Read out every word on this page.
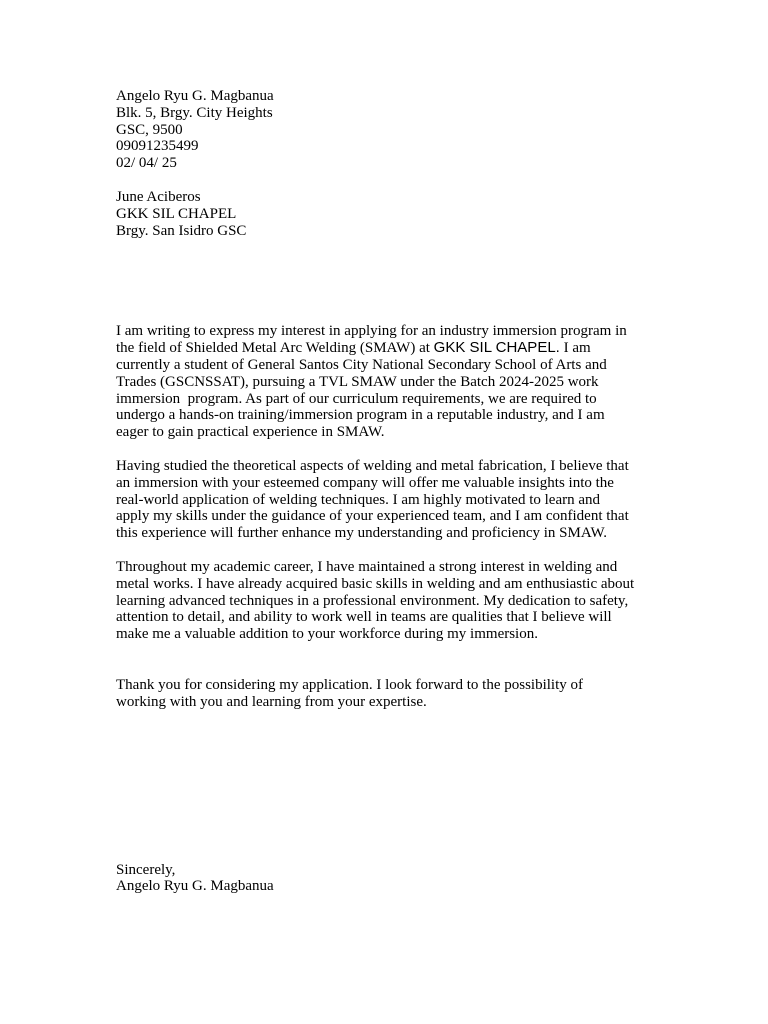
Angelo Ryu G. Magbanua
Blk. 5, Brgy. City Heights
GSC, 9500
09091235499
02/ 04/ 25
June Aciberos
GKK SIL CHAPEL
Brgy. San Isidro GSC
I am writing to express my interest in applying for an industry immersion program in
the field of Shielded Metal Arc Welding (SMAW) at GKK SIL CHAPEL. I am
currently a student of General Santos City National Secondary School of Arts and
Trades (GSCNSSAT), pursuing a TVL SMAW under the Batch 2024-2025 work
immersion  program. As part of our curriculum requirements, we are required to
undergo a hands-on training/immersion program in a reputable industry, and I am
eager to gain practical experience in SMAW.
Having studied the theoretical aspects of welding and metal fabrication, I believe that
an immersion with your esteemed company will offer me valuable insights into the
real-world application of welding techniques. I am highly motivated to learn and
apply my skills under the guidance of your experienced team, and I am confident that
this experience will further enhance my understanding and proficiency in SMAW.
Throughout my academic career, I have maintained a strong interest in welding and
metal works. I have already acquired basic skills in welding and am enthusiastic about
learning advanced techniques in a professional environment. My dedication to safety,
attention to detail, and ability to work well in teams are qualities that I believe will
make me a valuable addition to your workforce during my immersion.
Thank you for considering my application. I look forward to the possibility of
working with you and learning from your expertise.
Sincerely,
Angelo Ryu G. Magbanua
